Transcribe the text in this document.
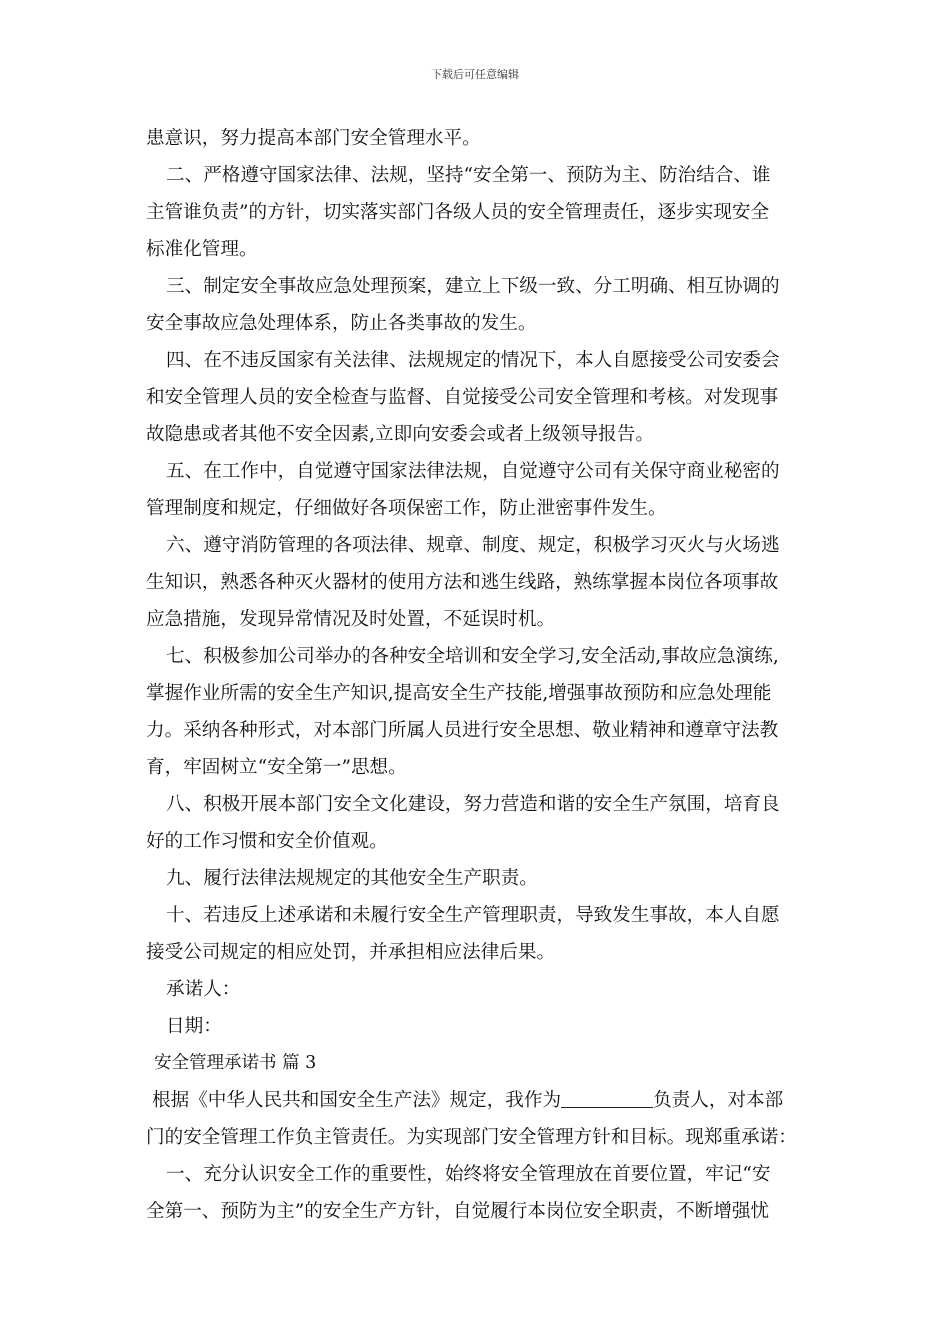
下载后可任意编辑
患意识，努力提高本部门安全管理水平。
二、严格遵守国家法律、法规，坚持“安全第一、预防为主、防治结合、谁
主管谁负责”的方针，切实落实部门各级人员的安全管理责任，逐步实现安全
标准化管理。
三、制定安全事故应急处理预案，建立上下级一致、分工明确、相互协调的
安全事故应急处理体系，防止各类事故的发生。
四、在不违反国家有关法律、法规规定的情况下，本人自愿接受公司安委会
和安全管理人员的安全检查与监督、自觉接受公司安全管理和考核。对发现事
故隐患或者其他不安全因素,立即向安委会或者上级领导报告。
五、在工作中，自觉遵守国家法律法规，自觉遵守公司有关保守商业秘密的
管理制度和规定，仔细做好各项保密工作，防止泄密事件发生。
六、遵守消防管理的各项法律、规章、制度、规定，积极学习灭火与火场逃
生知识，熟悉各种灭火器材的使用方法和逃生线路，熟练掌握本岗位各项事故
应急措施，发现异常情况及时处置，不延误时机。
七、积极参加公司举办的各种安全培训和安全学习,安全活动,事故应急演练,
掌握作业所需的安全生产知识,提高安全生产技能,增强事故预防和应急处理能
力。采纳各种形式，对本部门所属人员进行安全思想、敬业精神和遵章守法教
育，牢固树立“安全第一”思想。
八、积极开展本部门安全文化建设，努力营造和谐的安全生产氛围，培育良
好的工作习惯和安全价值观。
九、履行法律法规规定的其他安全生产职责。
十、若违反上述承诺和未履行安全生产管理职责，导致发生事故，本人自愿
接受公司规定的相应处罚，并承担相应法律后果。
承诺人：
日期：
安全管理承诺书 篇 3
根据《中华人民共和国安全生产法》规定，我作为	负责人，对本部
门的安全管理工作负主管责任。为实现部门安全管理方针和目标。现郑重承诺：
一、充分认识安全工作的重要性，始终将安全管理放在首要位置，牢记“安
全第一、预防为主”的安全生产方针，自觉履行本岗位安全职责，不断增强忧
